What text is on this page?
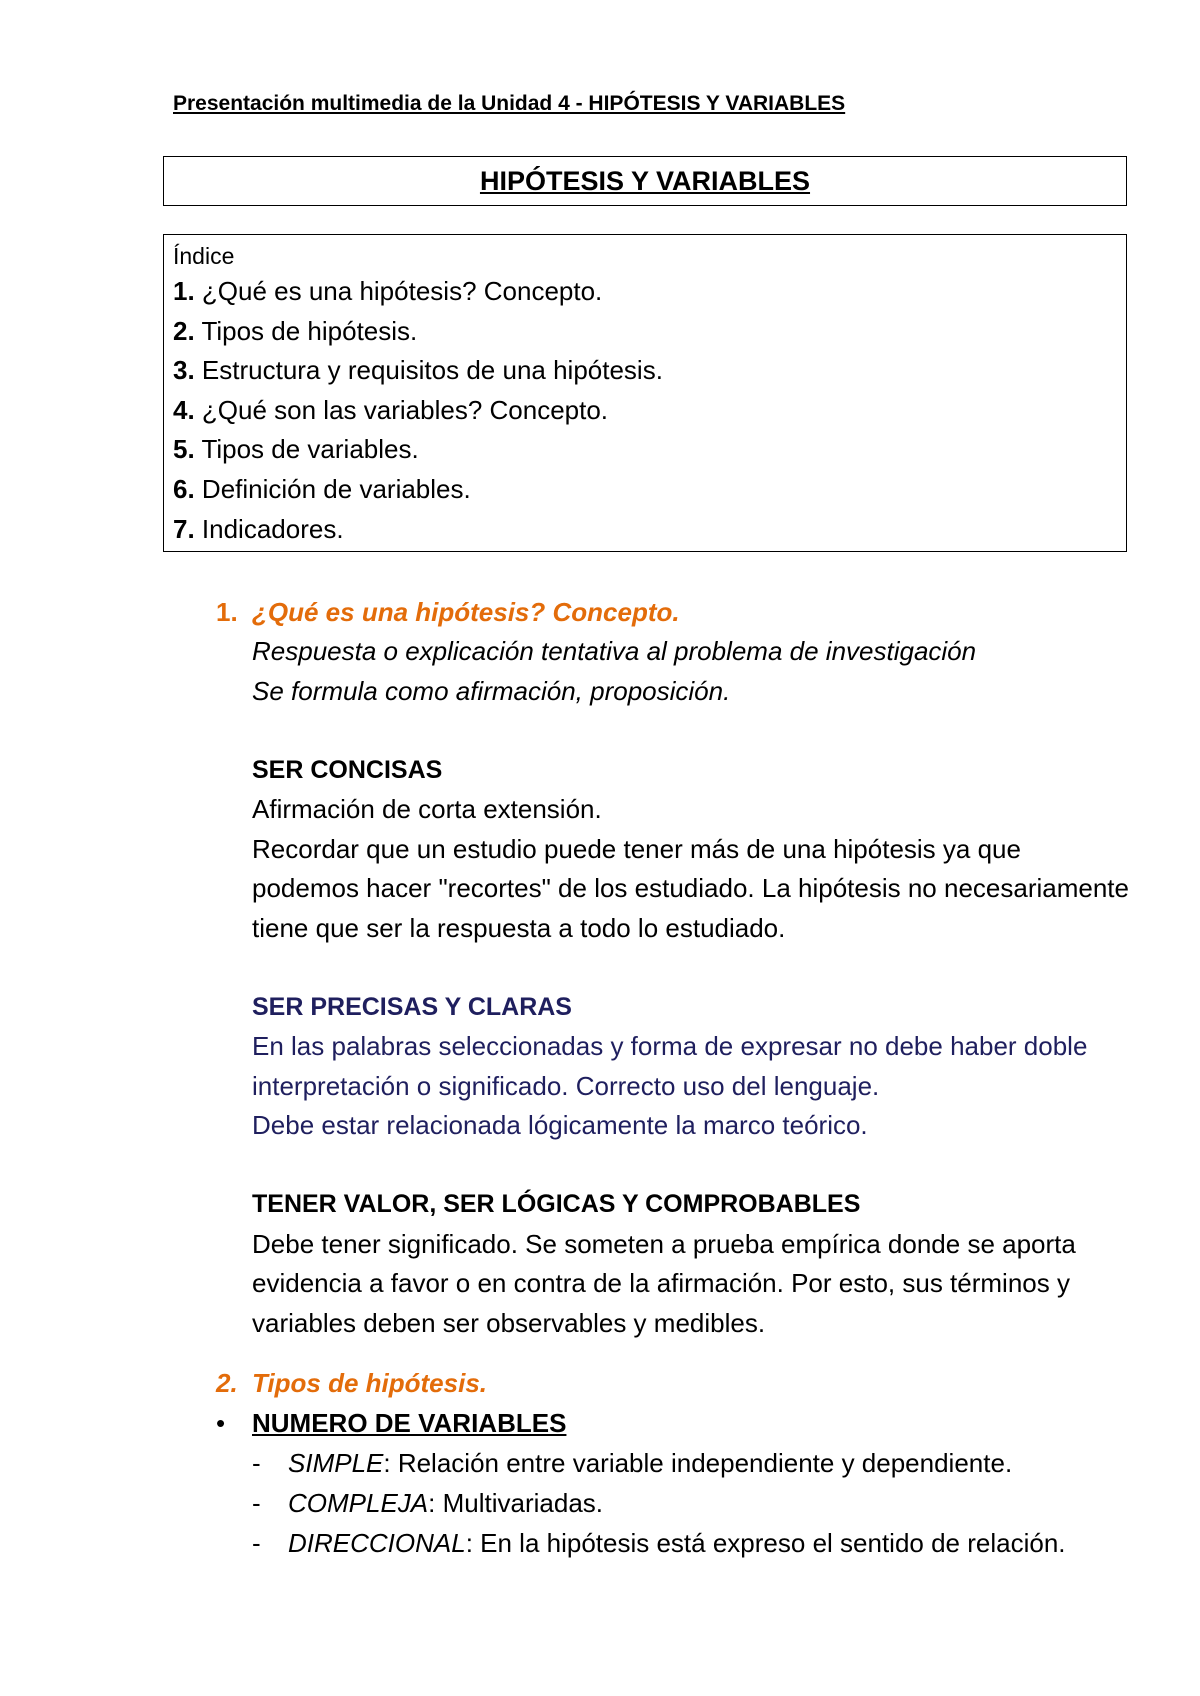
Presentación multimedia de la Unidad 4 - HIPÓTESIS Y VARIABLES
HIPÓTESIS Y VARIABLES
Índice
1. ¿Qué es una hipótesis? Concepto.
2. Tipos de hipótesis.
3. Estructura y requisitos de una hipótesis.
4. ¿Qué son las variables? Concepto.
5. Tipos de variables.
6. Definición de variables.
7. Indicadores.
1. ¿Qué es una hipótesis? Concepto.
Respuesta o explicación tentativa al problema de investigación
Se formula como afirmación, proposición.
SER CONCISAS
Afirmación de corta extensión.
Recordar que un estudio puede tener más de una hipótesis ya que podemos hacer "recortes" de los estudiado. La hipótesis no necesariamente tiene que ser la respuesta a todo lo estudiado.
SER PRECISAS Y CLARAS
En las palabras seleccionadas y forma de expresar no debe haber doble interpretación o significado. Correcto uso del lenguaje.
Debe estar relacionada lógicamente la marco teórico.
TENER VALOR, SER LÓGICAS Y COMPROBABLES
Debe tener significado. Se someten a prueba empírica donde se aporta evidencia a favor o en contra de la afirmación. Por esto, sus términos y variables deben ser observables y medibles.
2. Tipos de hipótesis.
• NUMERO DE VARIABLES
- SIMPLE: Relación entre variable independiente y dependiente.
- COMPLEJA: Multivariadas.
- DIRECCIONAL: En la hipótesis está expreso el sentido de relación.
